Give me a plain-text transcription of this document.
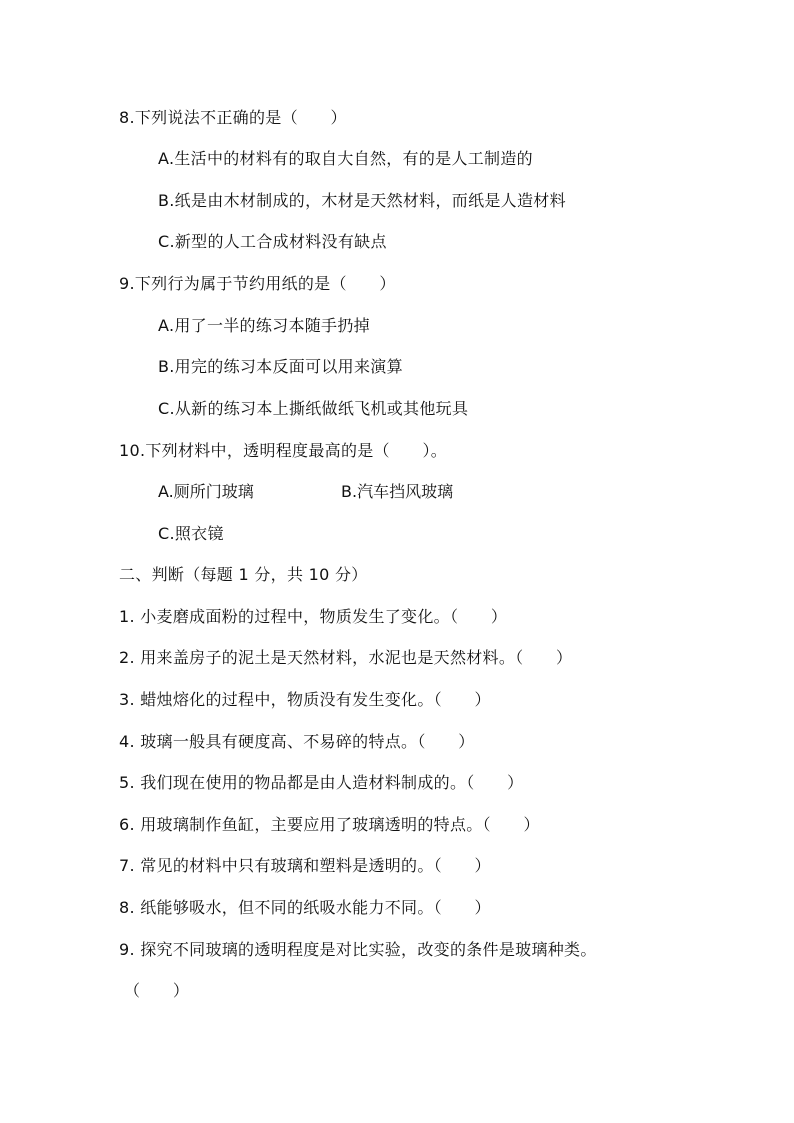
8.下列说法不正确的是（　　）
A.生活中的材料有的取自大自然，有的是人工制造的
B.纸是由木材制成的，木材是天然材料，而纸是人造材料
C.新型的人工合成材料没有缺点
9.下列行为属于节约用纸的是（　　）
A.用了一半的练习本随手扔掉
B.用完的练习本反面可以用来演算
C.从新的练习本上撕纸做纸飞机或其他玩具
10.下列材料中，透明程度最高的是（　　）。
A.厕所门玻璃	B.汽车挡风玻璃
C.照衣镜
二、判断（每题 1 分，共 10 分）
1. 小麦磨成面粉的过程中，物质发生了变化。（　　）
2. 用来盖房子的泥土是天然材料，水泥也是天然材料。（　　）
3. 蜡烛熔化的过程中，物质没有发生变化。（　　）
4. 玻璃一般具有硬度高、不易碎的特点。（　　）
5. 我们现在使用的物品都是由人造材料制成的。（　　）
6. 用玻璃制作鱼缸，主要应用了玻璃透明的特点。（　　）
7. 常见的材料中只有玻璃和塑料是透明的。（　　）
8. 纸能够吸水，但不同的纸吸水能力不同。（　　）
9. 探究不同玻璃的透明程度是对比实验，改变的条件是玻璃种类。
（　　）
